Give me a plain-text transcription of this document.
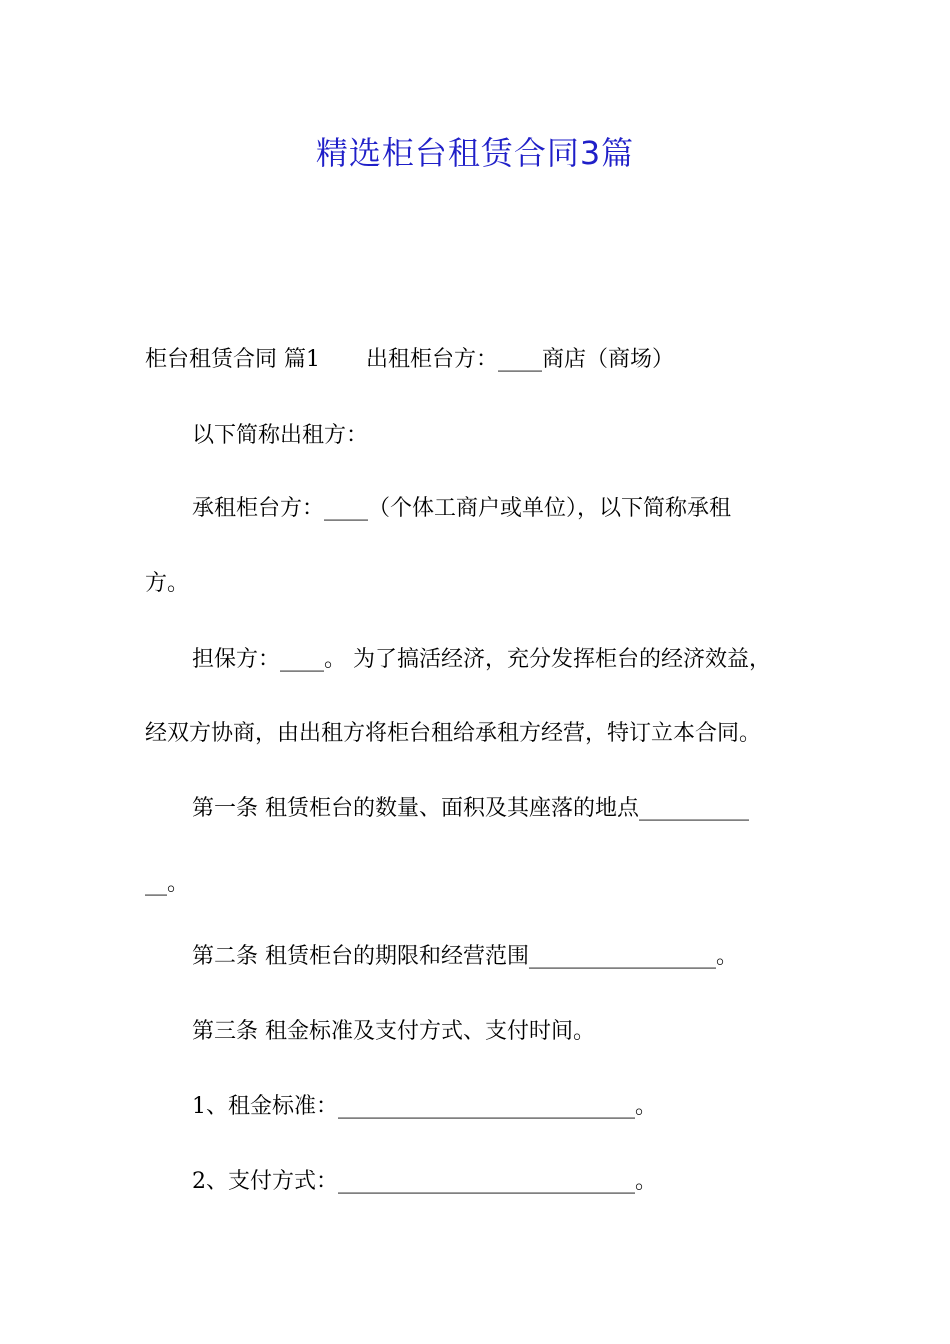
精选柜台租赁合同3篇

柜台租赁合同 篇1 出租柜台方：____商店（商场）

以下简称出租方：

承租柜台方：____（个体工商户或单位），以下简称承租

方。

担保方：____。 为了搞活经济，充分发挥柜台的经济效益，

经双方协商，由出租方将柜台租给承租方经营，特订立本合同。

第一条 租赁柜台的数量、面积及其座落的地点__________

__。

第二条 租赁柜台的期限和经营范围_________________。

第三条 租金标准及支付方式、支付时间。

1、租金标准：___________________________。

2、支付方式：___________________________。
